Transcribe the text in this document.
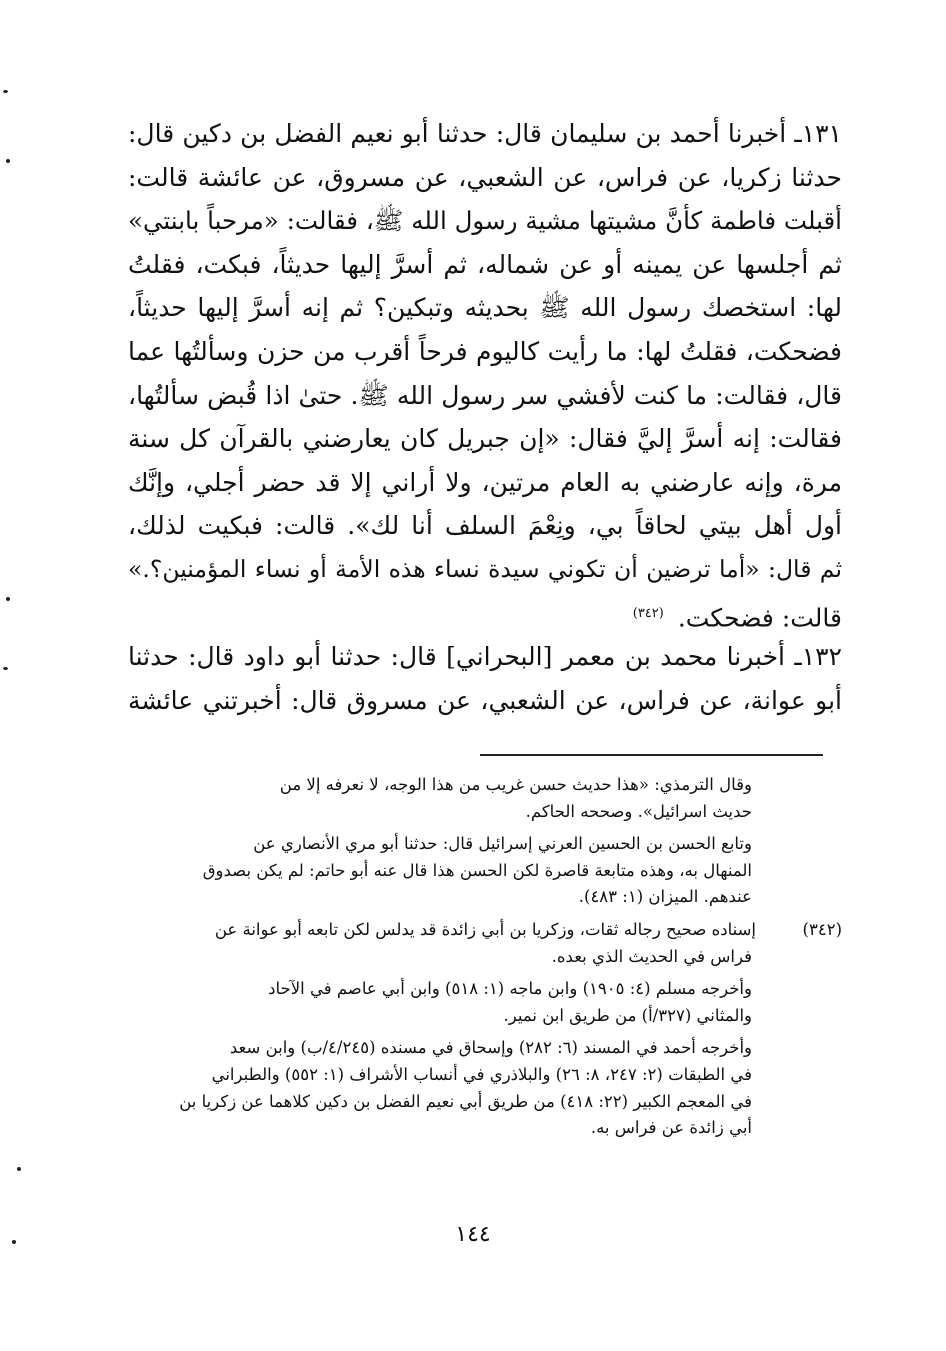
١٣١ـ أخبرنا أحمد بن سليمان قال: حدثنا أبو نعيم الفضل بن دكين قال:
حدثنا زكريا، عن فراس، عن الشعبي، عن مسروق، عن عائشة قالت:
أقبلت فاطمة كأنَّ مشيتها مشية رسول الله ﷺ، فقالت: «مرحباً بابنتي»
ثم أجلسها عن يمينه أو عن شماله، ثم أسرَّ إليها حديثاً، فبكت، فقلتُ
لها: استخصك رسول الله ﷺ بحديثه وتبكين؟ ثم إنه أسرَّ إليها حديثاً،
فضحكت، فقلتُ لها: ما رأيت كاليوم فرحاً أقرب من حزن وسألتُها عما
قال، فقالت: ما كنت لأفشي سر رسول الله ﷺ. حتىٰ اذا قُبض سألتُها،
فقالت: إنه أسرَّ إليَّ فقال: «إن جبريل كان يعارضني بالقرآن كل سنة
مرة، وإنه عارضني به العام مرتين، ولا أراني إلا قد حضر أجلي، وإنَّك
أول أهل بيتي لحاقاً بي، ونِعْمَ السلف أنا لك». قالت: فبكيت لذلك،
ثم قال: «أما ترضين أن تكوني سيدة نساء هذه الأمة أو نساء المؤمنين؟.»
قالت: فضحكت. $^{(٣٤٢)}$
١٣٢ـ أخبرنا محمد بن معمر [البحراني] قال: حدثنا أبو داود قال: حدثنا
أبو عوانة، عن فراس، عن الشعبي، عن مسروق قال: أخبرتني عائشة
وقال الترمذي: «هذا حديث حسن غريب من هذا الوجه، لا نعرفه إلا من
حديث اسرائيل». وصححه الحاكم.
وتابع الحسن بن الحسين العرني إسرائيل قال: حدثنا أبو مري الأنصاري عن
المنهال به، وهذه متابعة قاصرة لكن الحسن هذا قال عنه أبو حاتم: لم يكن بصدوق
عندهم. الميزان (١: ٤٨٣).
(٣٤٢)إسناده صحيح رجاله ثقات، وزكريا بن أبي زائدة قد يدلس لكن تابعه أبو عوانة عن
فراس في الحديث الذي بعده.
وأخرجه مسلم (٤: ١٩٠٥) وابن ماجه (١: ٥١٨) وابن أبي عاصم في الآحاد
والمثاني (٣٢٧/أ) من طريق ابن نمير.
وأخرجه أحمد في المسند (٦: ٢٨٢) وإسحاق في مسنده (٤/٢٤٥/ب) وابن سعد
في الطبقات (٢: ٢٤٧، ٨: ٢٦) والبلاذري في أنساب الأشراف (١: ٥٥٢) والطبراني
في المعجم الكبير (٢٢: ٤١٨) من طريق أبي نعيم الفضل بن دكين كلاهما عن زكريا بن
أبي زائدة عن فراس به.
١٤٤
